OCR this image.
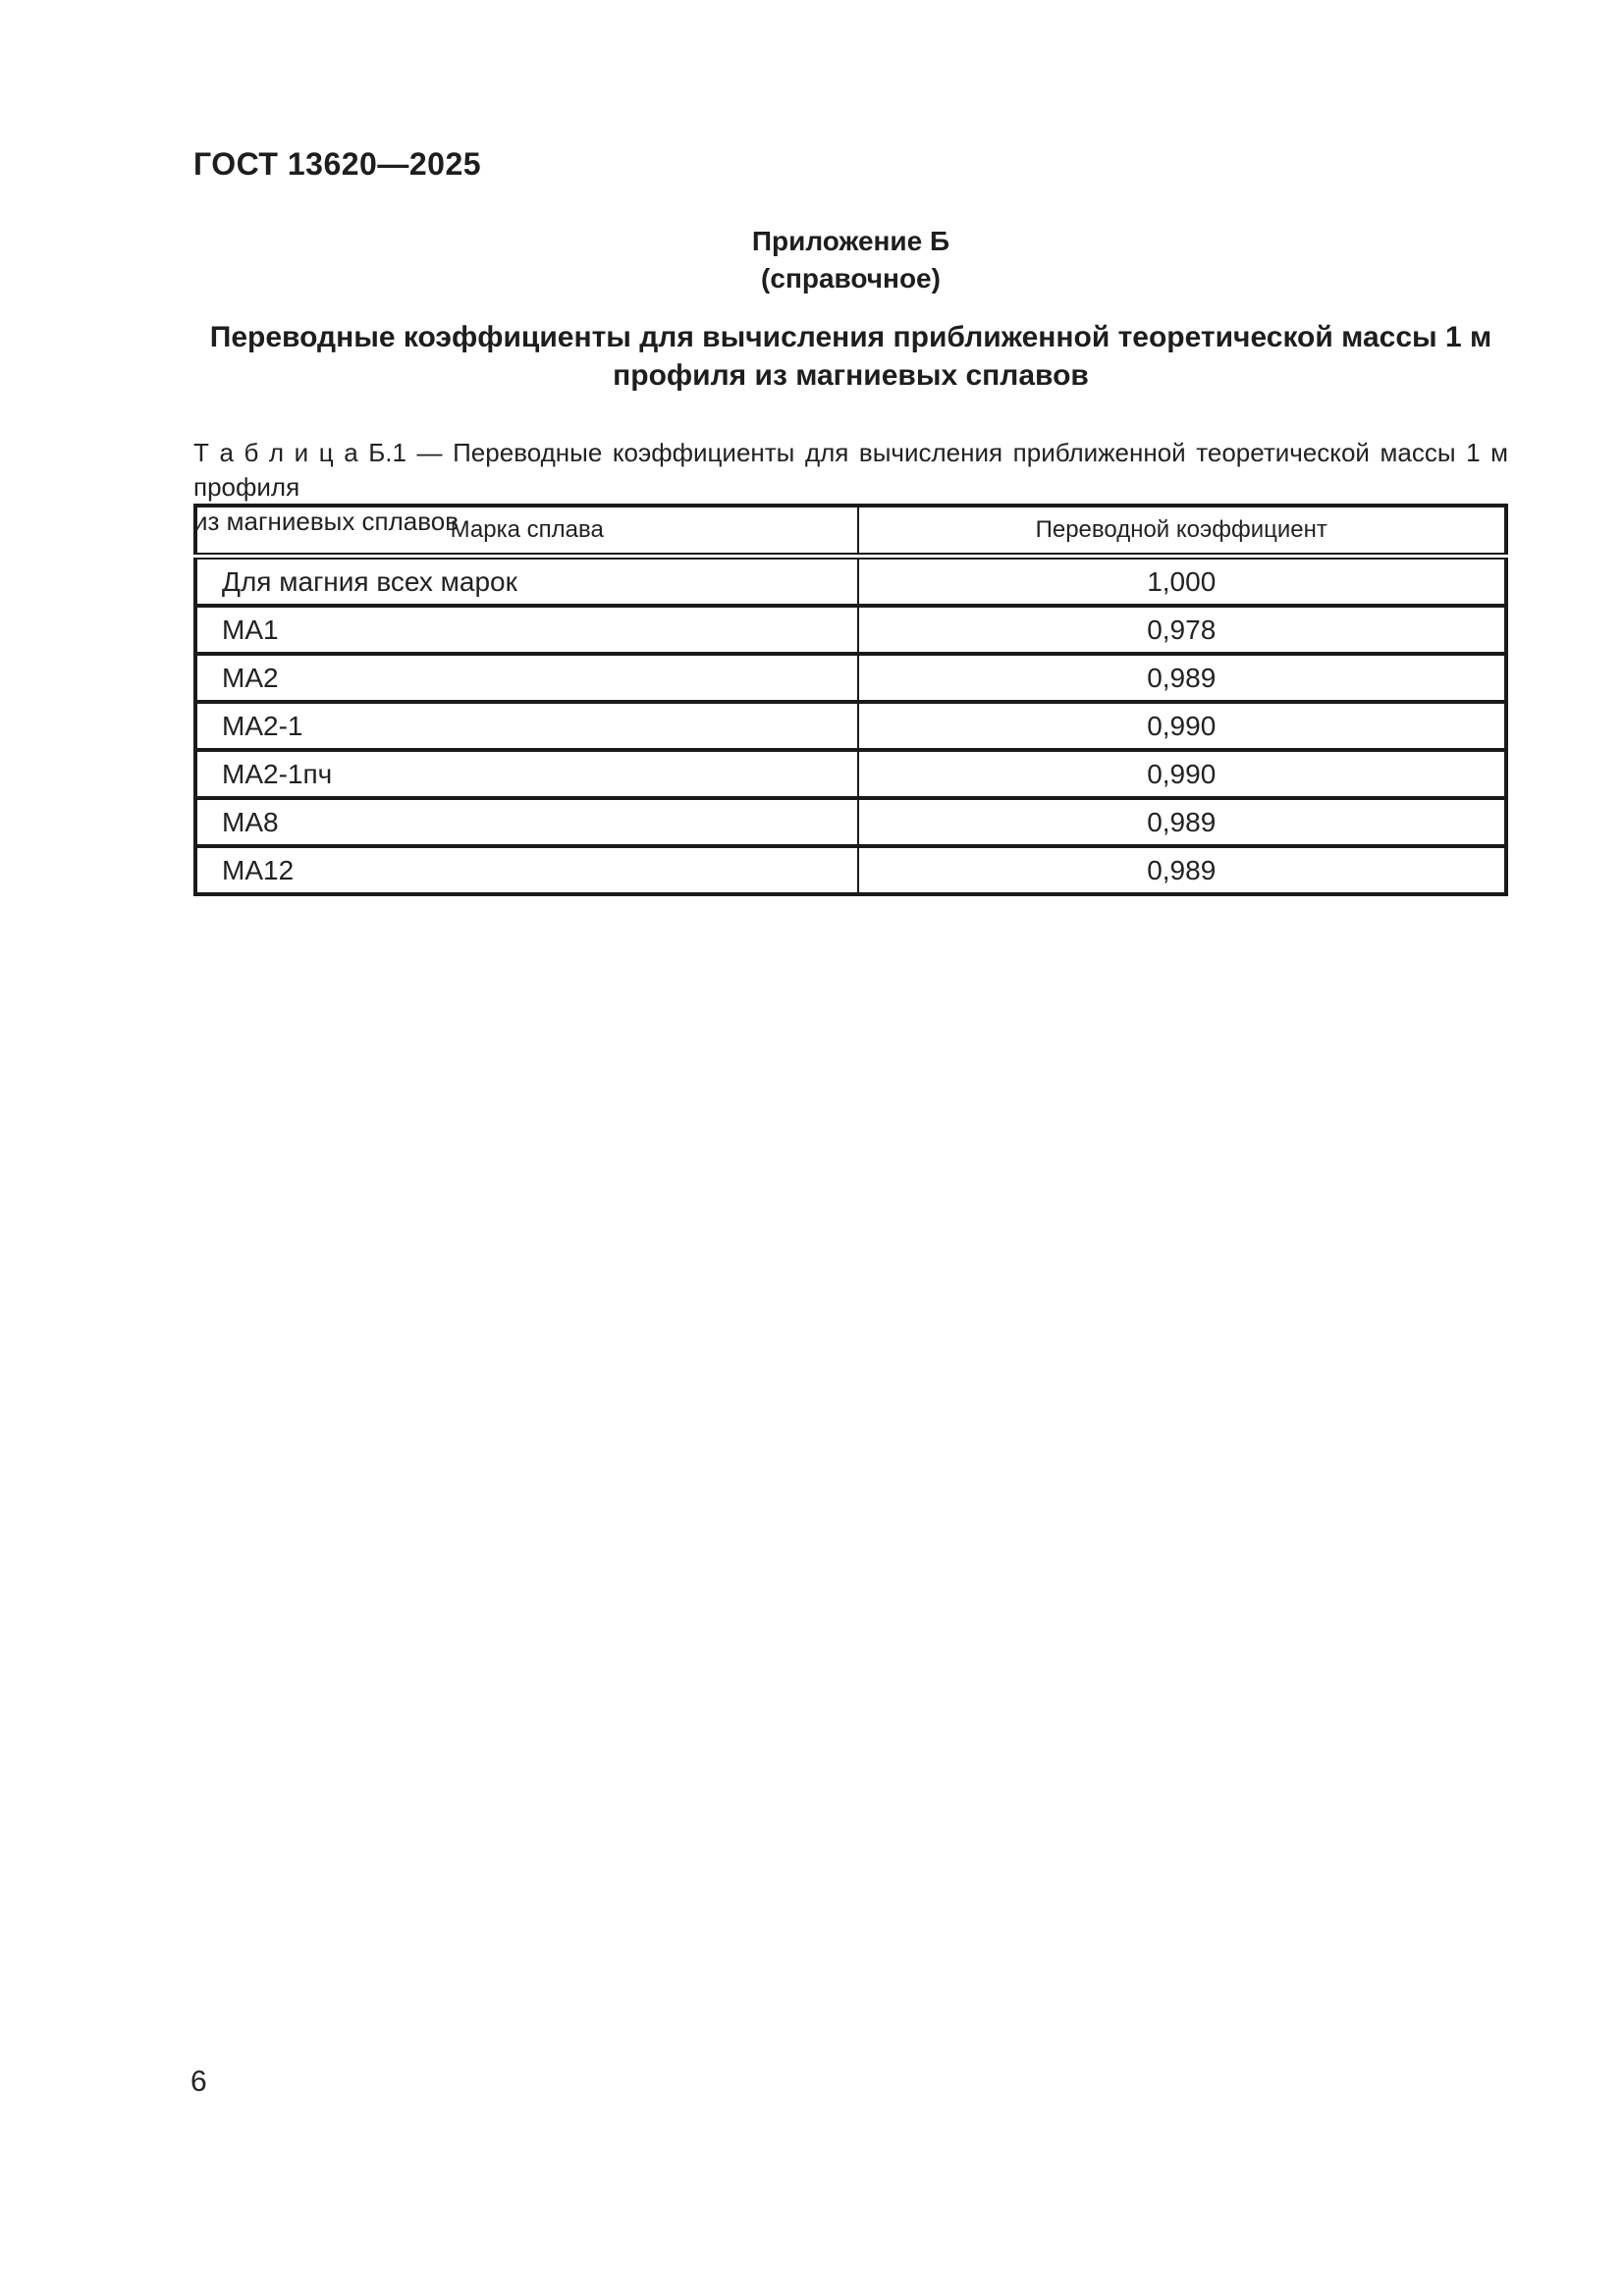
ГОСТ 13620—2025
Приложение Б
(справочное)
Переводные коэффициенты для вычисления приближенной теоретической массы 1 м
профиля из магниевых сплавов
Т а б л и ц а Б.1 — Переводные коэффициенты для вычисления приближенной теоретической массы 1 м профиля
из магниевых сплавов
Марка сплава	Переводной коэффициент
Для магния всех марок	1,000
МА1	0,978
МА2	0,989
МА2-1	0,990
МА2-1пч	0,990
МА8	0,989
МА12	0,989
6
